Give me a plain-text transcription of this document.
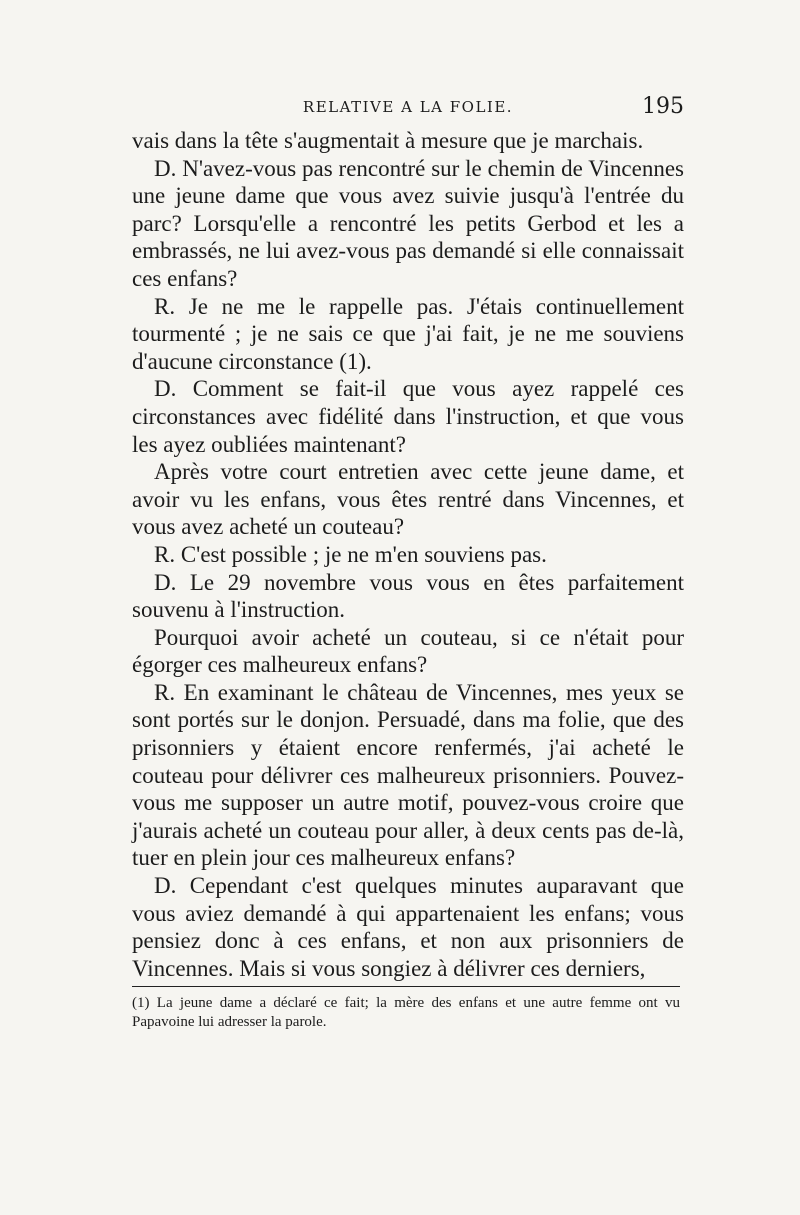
RELATIVE A LA FOLIE.	195

vais dans la tête s'augmentait à mesure que je marchais.

D. N'avez-vous pas rencontré sur le chemin de Vincennes une jeune dame que vous avez suivie jusqu'à l'entrée du parc? Lorsqu'elle a rencontré les petits Gerbod et les a embrassés, ne lui avez-vous pas demandé si elle connaissait ces enfans?

R. Je ne me le rappelle pas. J'étais continuellement tourmenté ; je ne sais ce que j'ai fait, je ne me souviens d'aucune circonstance (1).

D. Comment se fait-il que vous ayez rappelé ces circonstances avec fidélité dans l'instruction, et que vous les ayez oubliées maintenant?

Après votre court entretien avec cette jeune dame, et avoir vu les enfans, vous êtes rentré dans Vincennes, et vous avez acheté un couteau?

R. C'est possible ; je ne m'en souviens pas.

D. Le 29 novembre vous vous en êtes parfaitement souvenu à l'instruction.

Pourquoi avoir acheté un couteau, si ce n'était pour égorger ces malheureux enfans?

R. En examinant le château de Vincennes, mes yeux se sont portés sur le donjon. Persuadé, dans ma folie, que des prisonniers y étaient encore renfermés, j'ai acheté le couteau pour délivrer ces malheureux prisonniers. Pouvez-vous me supposer un autre motif, pouvez-vous croire que j'aurais acheté un couteau pour aller, à deux cents pas de-là, tuer en plein jour ces malheureux enfans?

D. Cependant c'est quelques minutes auparavant que vous aviez demandé à qui appartenaient les enfans; vous pensiez donc à ces enfans, et non aux prisonniers de Vincennes. Mais si vous songiez à délivrer ces derniers,

(1) La jeune dame a déclaré ce fait; la mère des enfans et une autre femme ont vu Papavoine lui adresser la parole.
